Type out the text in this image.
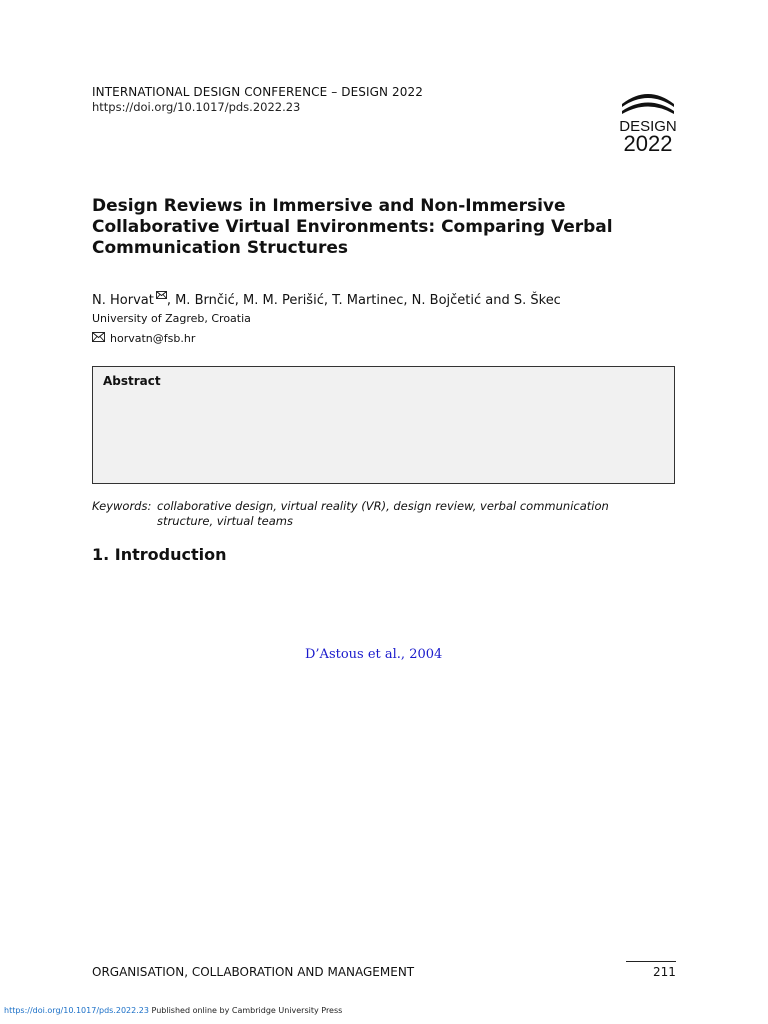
INTERNATIONAL DESIGN CONFERENCE – DESIGN 2022
https://doi.org/10.1017/pds.2022.23
DESIGN
2022
Design Reviews in Immersive and Non-Immersive Collaborative Virtual Environments: Comparing Verbal Communication Structures
N. Horvat , M. Brnčić, M. M. Perišić, T. Martinec, N. Bojčetić and S. Škec
University of Zagreb, Croatia
horvatn@fsb.hr
Abstract
Keywords: collaborative design, virtual reality (VR), design review, verbal communication structure, virtual teams
1. Introduction
D’Astous et al., 2004
ORGANISATION, COLLABORATION AND MANAGEMENT	211
https://doi.org/10.1017/pds.2022.23 Published online by Cambridge University Press
